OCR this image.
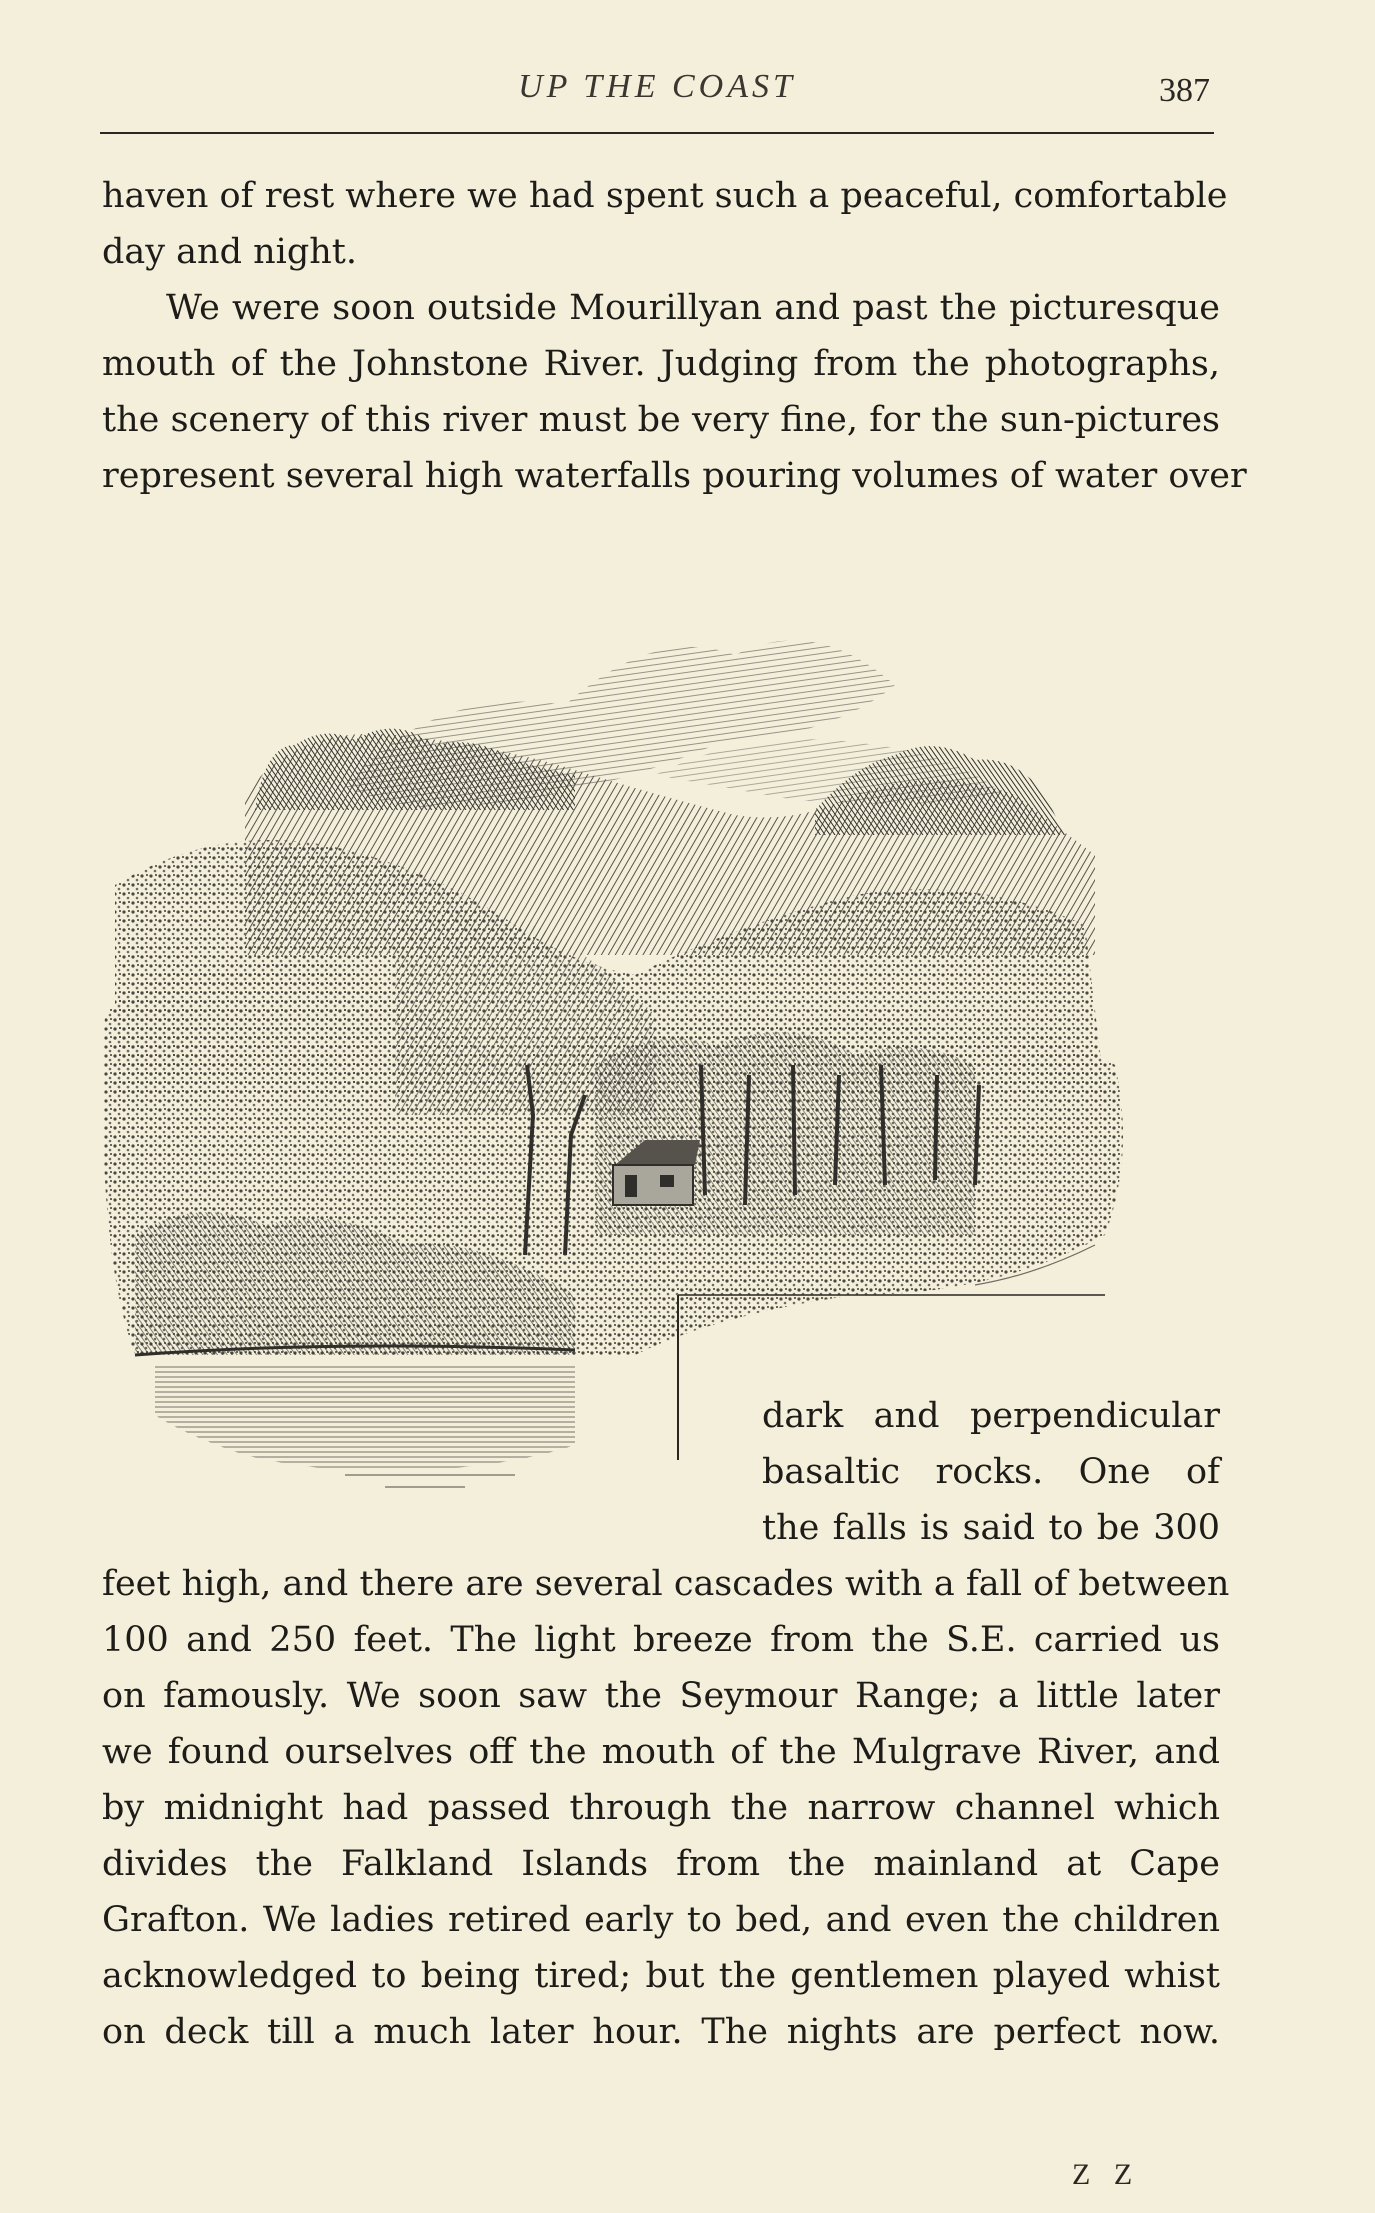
UP THE COAST	387

haven of rest where we had spent such a peaceful, comfortable

day and night.

We were soon outside Mourillyan and past the picturesque

mouth of the Johnstone River. Judging from the photographs,

the scenery of this river must be very fine, for the sun-pictures

represent several high waterfalls pouring volumes of water over

dark and perpendicular

basaltic rocks. One of

the falls is said to be 300

feet high, and there are several cascades with a fall of between

100 and 250 feet. The light breeze from the S.E. carried us

on famously. We soon saw the Seymour Range; a little later

we found ourselves off the mouth of the Mulgrave River, and

by midnight had passed through the narrow channel which

divides the Falkland Islands from the mainland at Cape

Grafton. We ladies retired early to bed, and even the children

acknowledged to being tired; but the gentlemen played whist

on deck till a much later hour. The nights are perfect now.

Z Z
